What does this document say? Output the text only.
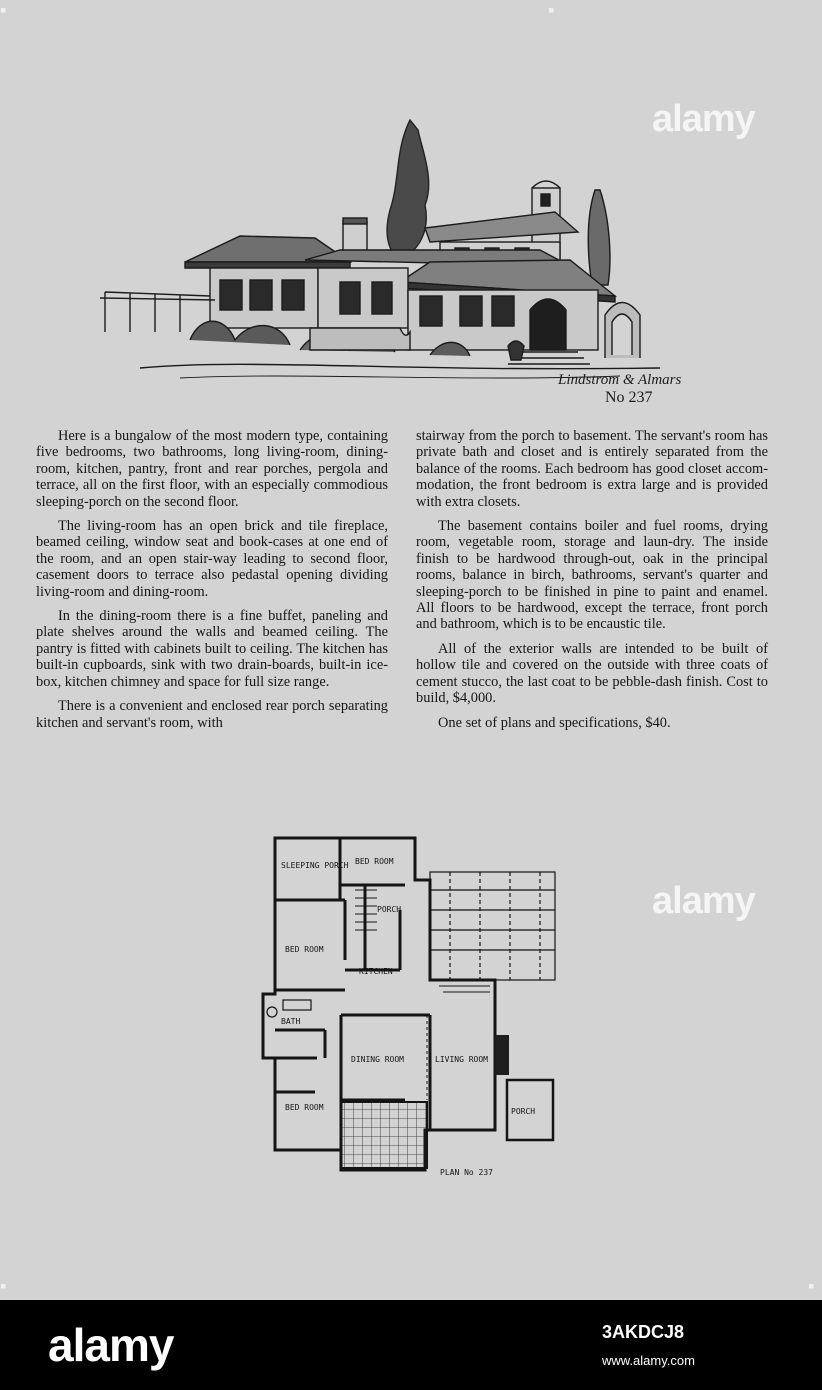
▪	▪
▪	▪
Lindstrom & Almars
No 237
alamy
alamy

Here is a bungalow of the most modern type, containing five bedrooms, two bathrooms, long living-room, dining-room, kitchen, pantry, front and rear porches, pergola and terrace, all on the first floor, with an especially commodious sleeping-porch on the second floor.

The living-room has an open brick and tile fireplace, beamed ceiling, window seat and book-cases at one end of the room, and an open stair-way leading to second floor, casement doors to terrace also pedastal opening dividing living-room and dining-room.

In the dining-room there is a fine buffet, paneling and plate shelves around the walls and beamed ceiling. The pantry is fitted with cabinets built to ceiling. The kitchen has built-in cupboards, sink with two drain-boards, built-in ice-box, kitchen chimney and space for full size range.

There is a convenient and enclosed rear porch separating kitchen and servant's room, with

stairway from the porch to basement. The servant's room has private bath and closet and is entirely separated from the balance of the rooms. Each bedroom has good closet accom-modation, the front bedroom is extra large and is provided with extra closets.

The basement contains boiler and fuel rooms, drying room, vegetable room, storage and laun-dry. The inside finish to be hardwood through-out, oak in the principal rooms, balance in birch, bathrooms, servant's quarter and sleeping-porch to be finished in pine to paint and enamel. All floors to be hardwood, except the terrace, front porch and bathroom, which is to be encaustic tile.

All of the exterior walls are intended to be built of hollow tile and covered on the outside with three coats of cement stucco, the last coat to be pebble-dash finish. Cost to build, $4,000.

One set of plans and specifications, $40.

SLEEPING PORCH BED ROOM
PORCH
BED ROOM
KITCHEN
BATH
DINING ROOM	LIVING ROOM
BED ROOM	PORCH
PLAN No 237
alamy	3AKDCJ8
www.alamy.com
